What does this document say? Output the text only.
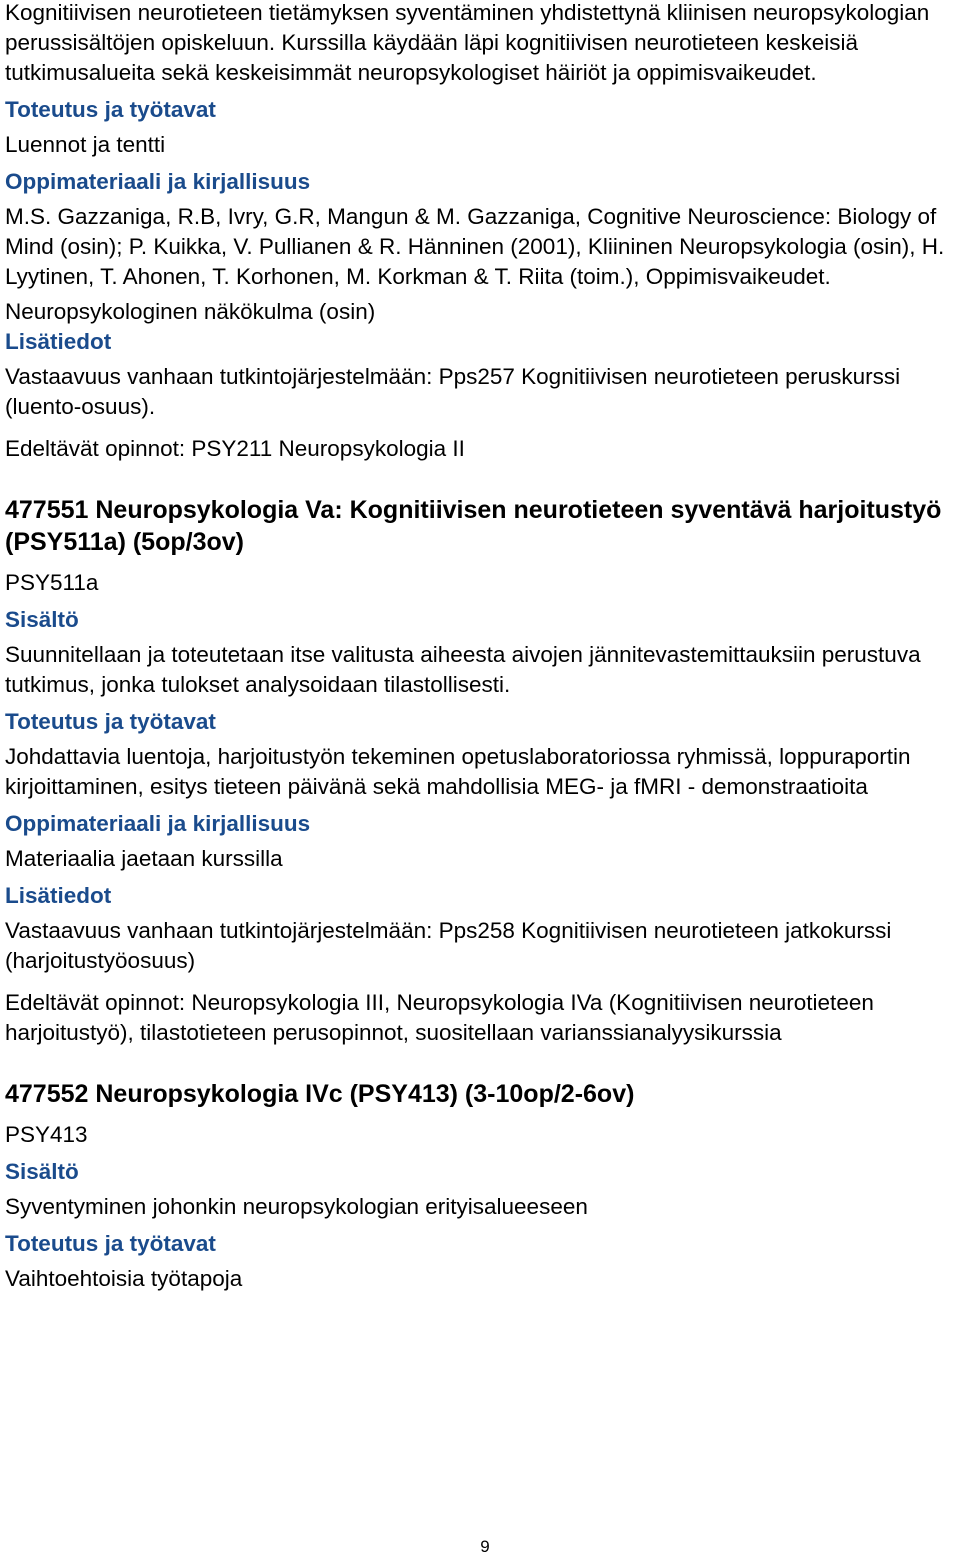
Kognitiivisen neurotieteen tietämyksen syventäminen yhdistettynä kliinisen neuropsykologian perussisältöjen opiskeluun. Kurssilla käydään läpi kognitiivisen neurotieteen keskeisiä tutkimusalueita sekä keskeisimmät neuropsykologiset häiriöt ja oppimisvaikeudet.

Toteutus ja työtavat

Luennot ja tentti

Oppimateriaali ja kirjallisuus

M.S. Gazzaniga, R.B, Ivry, G.R, Mangun & M. Gazzaniga, Cognitive Neuroscience: Biology of Mind (osin); P. Kuikka, V. Pullianen & R. Hänninen (2001), Kliininen Neuropsykologia (osin), H. Lyytinen, T. Ahonen, T. Korhonen, M. Korkman & T. Riita (toim.), Oppimisvaikeudet.

Neuropsykologinen näkökulma (osin)

Lisätiedot

Vastaavuus vanhaan tutkintojärjestelmään: Pps257 Kognitiivisen neurotieteen peruskurssi (luento-osuus).

Edeltävät opinnot: PSY211 Neuropsykologia II

477551 Neuropsykologia Va: Kognitiivisen neurotieteen syventävä harjoitustyö (PSY511a) (5op/3ov)

PSY511a

Sisältö

Suunnitellaan ja toteutetaan itse valitusta aiheesta aivojen jännitevastemittauksiin perustuva tutkimus, jonka tulokset analysoidaan tilastollisesti.

Toteutus ja työtavat

Johdattavia luentoja, harjoitustyön tekeminen opetuslaboratoriossa ryhmissä, loppuraportin kirjoittaminen, esitys tieteen päivänä sekä mahdollisia MEG- ja fMRI - demonstraatioita

Oppimateriaali ja kirjallisuus

Materiaalia jaetaan kurssilla

Lisätiedot

Vastaavuus vanhaan tutkintojärjestelmään: Pps258 Kognitiivisen neurotieteen jatkokurssi (harjoitustyöosuus)

Edeltävät opinnot: Neuropsykologia III, Neuropsykologia IVa (Kognitiivisen neurotieteen harjoitustyö), tilastotieteen perusopinnot, suositellaan varianssianalyysikurssia

477552 Neuropsykologia IVc (PSY413) (3-10op/2-6ov)

PSY413

Sisältö

Syventyminen johonkin neuropsykologian erityisalueeseen

Toteutus ja työtavat

Vaihtoehtoisia työtapoja

9
